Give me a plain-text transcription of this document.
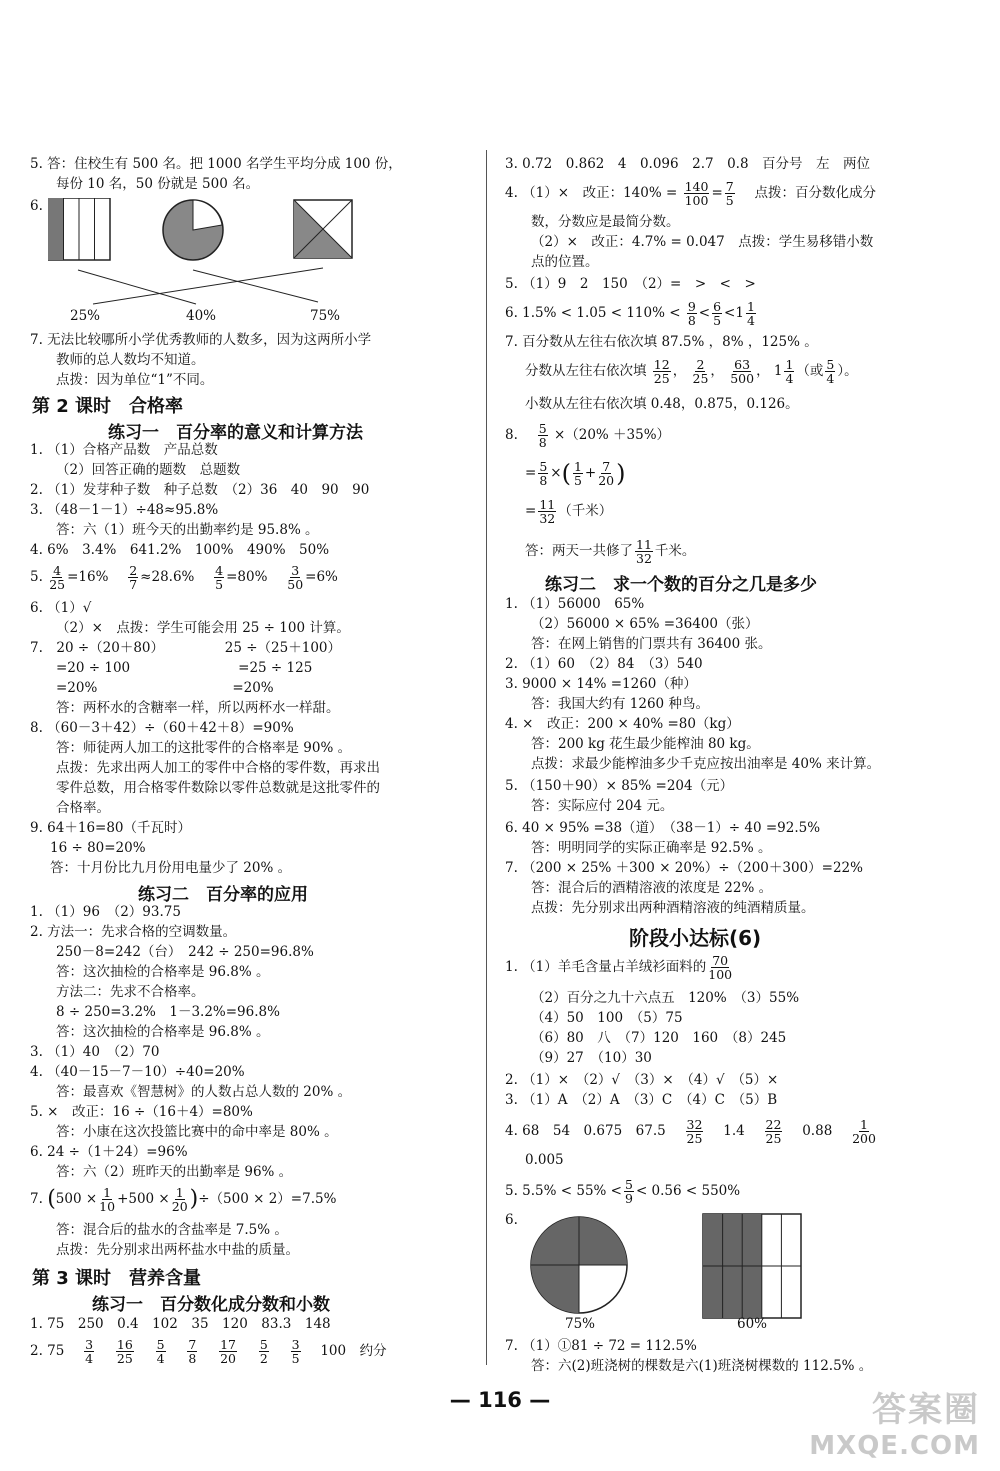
5. 答：住校生有 500 名。把 1000 名学生平均分成 100 份，
每份 10 名，50 份就是 500 名。
6.
25%	40%	75%
7. 无法比较哪所小学优秀教师的人数多，因为这两所小学
教师的总人数均不知道。
点拨：因为单位“1”不同。
第 2 课时　合格率
练习一　百分率的意义和计算方法
1. （1）合格产品数　产品总数
（2）回答正确的题数　总题数
2. （1）发芽种子数　种子总数　（2）36　40　90　90
3. （48－1－1）÷48≈95.8%
答：六（1）班今天的出勤率约是 95.8% 。
4. 6%　3.4%　641.2%　100%　490%　50%
5. $\frac{4}{25} =16\%$　 $\frac{2}{7} \approx 28.6\%$　 $\frac{4}{5} =80\%$　 $\frac{3}{50} =6\%$
6. （1）√
（2）×　点拨：学生可能会用 25 ÷ 100 计算。
7.　20 ÷（20＋80）　　　　　25 ÷（25＋100）
=20 ÷ 100　　　　　　　　=25 ÷ 125
=20%　　　　　　　　　　=20%
答：两杯水的含糖率一样，所以两杯水一样甜。
8. （60－3＋42）÷（60＋42＋8）=90%
答：师徒两人加工的这批零件的合格率是 90% 。
点拨：先求出两人加工的零件中合格的零件数，再求出
零件总数，用合格零件数除以零件总数就是这批零件的
合格率。
9. 64＋16=80（千瓦时）
16 ÷ 80=20%
答：十月份比九月份用电量少了 20% 。
练习二　百分率的应用
1. （1）96　（2）93.75
2. 方法一：先求合格的空调数量。
250－8=242（台）　242 ÷ 250=96.8%
答：这次抽检的合格率是 96.8% 。
方法二：先求不合格率。
8 ÷ 250=3.2%　1－3.2%=96.8%
答：这次抽检的合格率是 96.8% 。
3. （1）40　（2）70
4. （40－15－7－10）÷40=20%
答：最喜欢《智慧树》的人数占总人数的 20% 。
5. ×　改正：16 ÷（16＋4）=80%
答：小康在这次投篮比赛中的命中率是 80% 。
6. 24 ÷（1＋24）=96%
答：六（2）班昨天的出勤率是 96% 。
7. $(500 \times \frac{1}{10} +500 \times \frac{1}{20} )\div(500 \times 2)=7.5\%$
答：混合后的盐水的含盐率是 7.5% 。
点拨：先分别求出两杯盐水中盐的质量。
第 3 课时　营养含量
练习一　百分数化成分数和小数
1. 75　250　0.4　102　35　120　83.3　148
2. 75　 $\frac{3}{4}$
　 $\frac{16}{25}$
　 $\frac{5}{4}$
　 $\frac{7}{8}$
　 $\frac{17}{20}$
　 $\frac{5}{2}$
　 $\frac{3}{5}$
　 100　约分
3. 0.72　0.862　4　0.096　2.7　0.8　百分号　左　两位
4. （1）×　改正：$140\% = \frac{140}{100} = \frac{7}{5}$
　 点拨：百分数化成分
数，分数应是最简分数。
（2）×　改正：4.7% = 0.047　点拨：学生易移错小数
点的位置。
5. （1）9　2　150　（2）=　>　<　>
6. $1.5\% < 1.05 < 110\% < \frac{9}{8} < \frac{6}{5} <1 \frac{1}{4}$
7. 百分数从左往右依次填 87.5% ，8% ，125% 。
分数从左往右依次填 $\frac{12}{25}$ ， $\frac{2}{25}$ ， $\frac{63}{500}$ ， $1 \frac{1}{4}$ （或 $\frac{5}{4}$ ）。
小数从左往右依次填 0.48，0.875，0.126。
8.　 $\frac{5}{8} \times(20\% +35\%)$
= $\frac{5}{8}$ ×( $\frac{1}{5} + \frac{7}{20}$ )
= $\frac{11}{32}$ （千米）
答：两天一共修了 $\frac{11}{32}$ 千米。
练习二　求一个数的百分之几是多少
1. （1）56000　65%
（2）56000 × 65% =36400（张）
答：在网上销售的门票共有 36400 张。
2. （1）60　（2）84　（3）540
3. 9000 × 14% =1260（种）
答：我国大约有 1260 种鸟。
4. ×　改正：200 × 40% =80（kg）
答：200 kg 花生最少能榨油 80 kg。
点拨：求最少能榨油多少千克应按出油率是 40% 来计算。
5. （150＋90）× 85% =204（元）
答：实际应付 204 元。
6. 40 × 95% =38（道）　（38－1）÷ 40 =92.5%
答：明明同学的实际正确率是 92.5% 。
7. （200 × 25% ＋300 × 20%）÷（200＋300）=22%
答：混合后的酒精溶液的浓度是 22% 。
点拨：先分别求出两种酒精溶液的纯酒精质量。
阶段小达标(6)
1. （1）羊毛含量占羊绒衫面料的 $\frac{70}{100}$
（2）百分之九十六点五　120%　（3）55%
（4）50　100　（5）75
（6）80　八　（7）120　160　（8）245
（9）27　（10）30
2. （1）×　（2）√　（3）×　（4）√　（5）×
3. （1）A　（2）A　（3）C　（4）C　（5）B
4. 68　54　0.675　67.5　 $\frac{32}{25}$
　 1.4　 $\frac{22}{25}$
　 0.88　 $\frac{1}{200}$
0.005
5. $5.5\% < 55\% < \frac{5}{9} < 0.56 < 550\%$
6.
75%	60%
7. （1）①81 ÷ 72 = 112.5%
答：六(2)班浇树的棵数是六(1)班浇树棵数的 112.5% 。
— 116 —	答案圈
MXQE.COM
